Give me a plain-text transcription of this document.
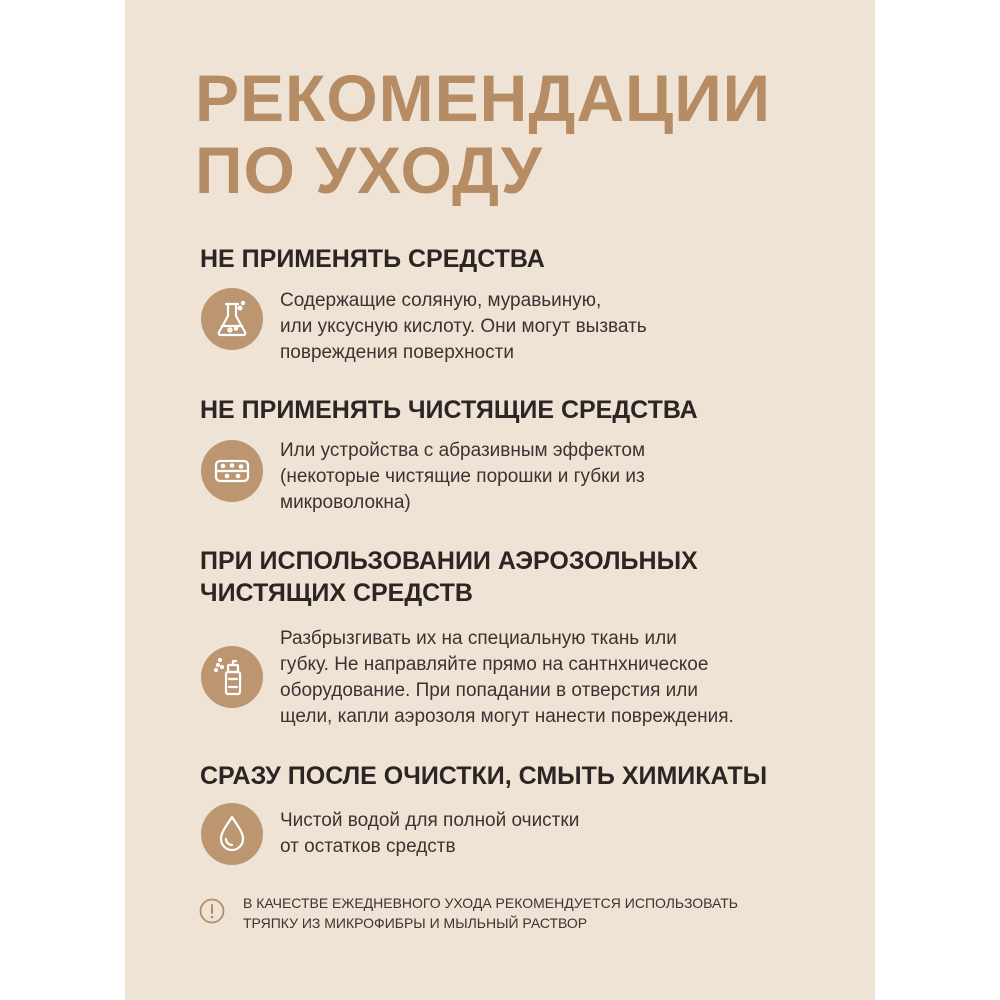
РЕКОМЕНДАЦИИ
ПО УХОДУ
НЕ ПРИМЕНЯТЬ СРЕДСТВА

Содержащие соляную, муравьиную,
или уксусную кислоту. Они могут вызвать
повреждения поверхности

НЕ ПРИМЕНЯТЬ ЧИСТЯЩИЕ СРЕДСТВА

Или устройства с абразивным эффектом
(некоторые чистящие порошки и губки из
микроволокна)

ПРИ ИСПОЛЬЗОВАНИИ АЭРОЗОЛЬНЫХ
ЧИСТЯЩИХ СРЕДСТВ

Разбрызгивать их на специальную ткань или
губку. Не направляйте прямо на сантнхническое
оборудование. При попадании в отверстия или
щели, капли аэрозоля могут нанести повреждения.

СРАЗУ ПОСЛЕ ОЧИСТКИ, СМЫТЬ ХИМИКАТЫ

Чистой водой для полной очистки
от остатков средств

В КАЧЕСТВЕ ЕЖЕДНЕВНОГО УХОДА РЕКОМЕНДУЕТСЯ ИСПОЛЬЗОВАТЬ
ТРЯПКУ ИЗ МИКРОФИБРЫ И МЫЛЬНЫЙ РАСТВОР
